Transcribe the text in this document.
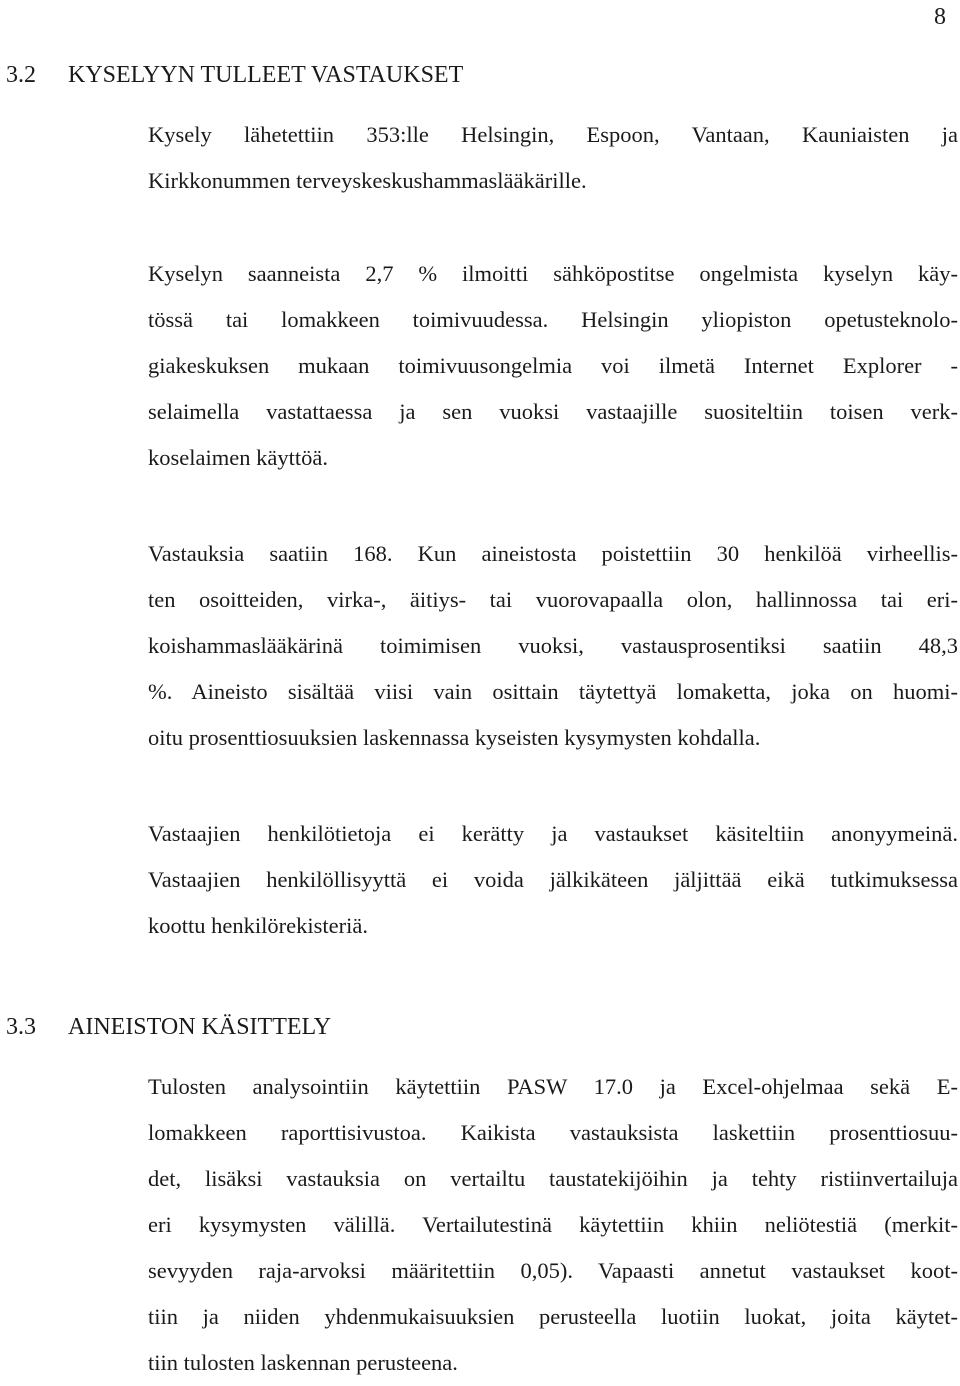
8
3.2 KYSELYYN TULLEET VASTAUKSET
Kysely lähetettiin 353:lle Helsingin, Espoon, Vantaan, Kauniaisten ja
Kirkkonummen terveyskeskushammaslääkärille.
Kyselyn saanneista 2,7 % ilmoitti sähköpostitse ongelmista kyselyn käy-
tössä tai lomakkeen toimivuudessa. Helsingin yliopiston opetusteknolo-
giakeskuksen mukaan toimivuusongelmia voi ilmetä Internet Explorer -
selaimella vastattaessa ja sen vuoksi vastaajille suositeltiin toisen verk-
koselaimen käyttöä.
Vastauksia saatiin 168. Kun aineistosta poistettiin 30 henkilöä virheellis-
ten osoitteiden, virka-, äitiys- tai vuorovapaalla olon, hallinnossa tai eri-
koishammaslääkärinä toimimisen vuoksi, vastausprosentiksi saatiin 48,3
%. Aineisto sisältää viisi vain osittain täytettyä lomaketta, joka on huomi-
oitu prosenttiosuuksien laskennassa kyseisten kysymysten kohdalla.
Vastaajien henkilötietoja ei kerätty ja vastaukset käsiteltiin anonyymeinä.
Vastaajien henkilöllisyyttä ei voida jälkikäteen jäljittää eikä tutkimuksessa
koottu henkilörekisteriä.
3.3 AINEISTON KÄSITTELY
Tulosten analysointiin käytettiin PASW 17.0 ja Excel-ohjelmaa sekä E-
lomakkeen raporttisivustoa. Kaikista vastauksista laskettiin prosenttiosuu-
det, lisäksi vastauksia on vertailtu taustatekijöihin ja tehty ristiinvertailuja
eri kysymysten välillä. Vertailutestinä käytettiin khiin neliötestiä (merkit-
sevyyden raja-arvoksi määritettiin 0,05). Vapaasti annetut vastaukset koot-
tiin ja niiden yhdenmukaisuuksien perusteella luotiin luokat, joita käytet-
tiin tulosten laskennan perusteena.
